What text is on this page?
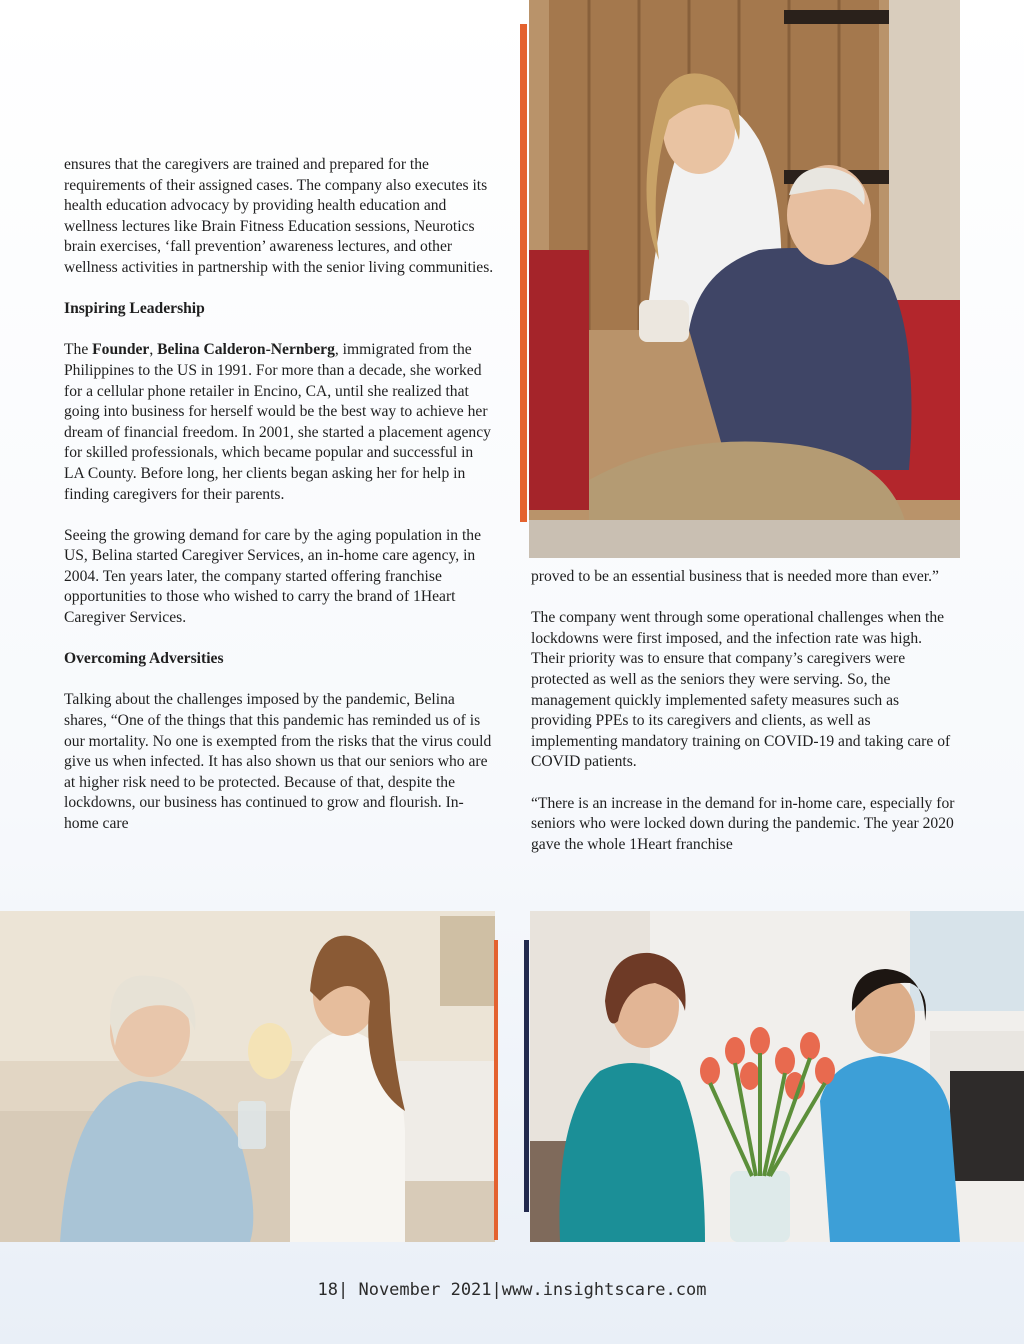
ensures that the caregivers are trained and prepared for the requirements of their assigned cases. The company also executes its health education advocacy by providing health education and wellness lectures like Brain Fitness Education sessions, Neurotics brain exercises, ‘fall prevention’ awareness lectures, and other wellness activities in partnership with the senior living communities.

Inspiring Leadership

The Founder, Belina Calderon-Nernberg, immigrated from the Philippines to the US in 1991. For more than a decade, she worked for a cellular phone retailer in Encino, CA, until she realized that going into business for herself would be the best way to achieve her dream of financial freedom. In 2001, she started a placement agency for skilled professionals, which became popular and successful in LA County. Before long, her clients began asking her for help in finding caregivers for their parents.

Seeing the growing demand for care by the aging population in the US, Belina started Caregiver Services, an in-home care agency, in 2004. Ten years later, the company started offering franchise opportunities to those who wished to carry the brand of 1Heart Caregiver Services.

Overcoming Adversities

Talking about the challenges imposed by the pandemic, Belina shares, “One of the things that this pandemic has reminded us of is our mortality. No one is exempted from the risks that the virus could give us when infected. It has also shown us that our seniors who are at higher risk need to be protected. Because of that, despite the lockdowns, our business has continued to grow and flourish. In-home care

proved to be an essential business that is needed more than ever.”

The company went through some operational challenges when the lockdowns were first imposed, and the infection rate was high. Their priority was to ensure that company’s caregivers were protected as well as the seniors they were serving. So, the management quickly implemented safety measures such as providing PPEs to its caregivers and clients, as well as implementing mandatory training on COVID-19 and taking care of COVID patients.

“There is an increase in the demand for in-home care, especially for seniors who were locked down during the pandemic. The year 2020 gave the whole 1Heart franchise

18| November 2021|www.insightscare.com
